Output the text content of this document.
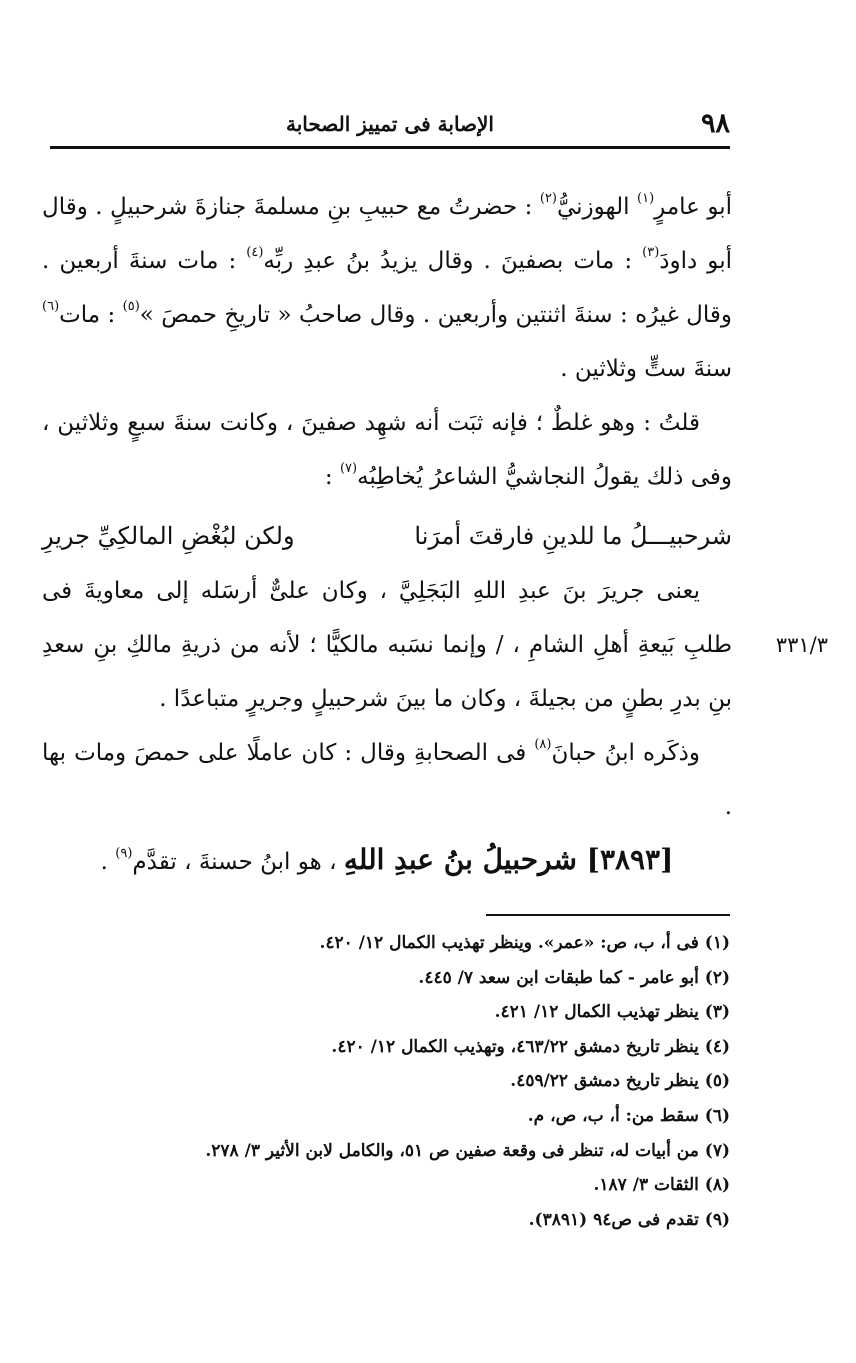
٩٨
الإصابة فى تمييز الصحابة

أبو عامرٍ$^{(١)}$ الهوزنيُّ$^{(٢)}$ : حضرتُ مع حبيبِ بنِ مسلمةَ جنازةَ شرحبيلٍ . وقال أبو داودَ$^{(٣)}$ : مات بصفينَ . وقال يزيدُ بنُ عبدِ ربِّه$^{(٤)}$ : مات سنةَ أربعين . وقال غيرُه : سنةَ اثنتين وأربعين . وقال صاحبُ « تاريخِ حمصَ »$^{(٥)}$ : مات$^{(٦)}$ سنةَ ستٍّ وثلاثين .

قلتُ : وهو غلطٌ ؛ فإنه ثبَت أنه شهِد صفينَ ، وكانت سنةَ سبعٍ وثلاثين ، وفى ذلك يقولُ النجاشيُّ الشاعرُ يُخاطِبُه$^{(٧)}$ :

شرحبيـــلُ ما للدينِ فارقتَ أمرَنا
ولكن لبُغْضِ المالكِيِّ جريرِ
٣٣١/٣

يعنى جريرَ بنَ عبدِ اللهِ البَجَلِيَّ ، وكان علىٌّ أرسَله إلى معاويةَ فى طلبِ بَيعةِ أهلِ الشامِ ، / وإنما نسَبه مالكيًّا ؛ لأنه من ذريةِ مالكِ بنِ سعدِ بنِ بدرِ بطنٍ من بجيلةَ ، وكان ما بينَ شرحبيلٍ وجريرٍ متباعدًا .

وذكَره ابنُ حبانَ$^{(٨)}$ فى الصحابةِ وقال : كان عاملًا على حمصَ ومات بها .

[٣٨٩٣] شرحبيلُ بنُ عبدِ اللهِ ، هو ابنُ حسنةَ ، تقدَّم$^{(٩)}$ .

(١) فى أ، ب، ص: «عمر». وينظر تهذيب الكمال ١٢/ ٤٢٠.
(٢) أبو عامر - كما طبقات ابن سعد ٧/ ٤٤٥.
(٣) ينظر تهذيب الكمال ١٢/ ٤٢١.
(٤) ينظر تاريخ دمشق ٤٦٣/٢٢، وتهذيب الكمال ١٢/ ٤٢٠.
(٥) ينظر تاريخ دمشق ٤٥٩/٢٢.
(٦) سقط من: أ، ب، ص، م.
(٧) من أبيات له، تنظر فى وقعة صفين ص ٥١، والكامل لابن الأثير ٣/ ٢٧٨.
(٨) الثقات ٣/ ١٨٧.
(٩) تقدم فى ص٩٤ (٣٨٩١).
